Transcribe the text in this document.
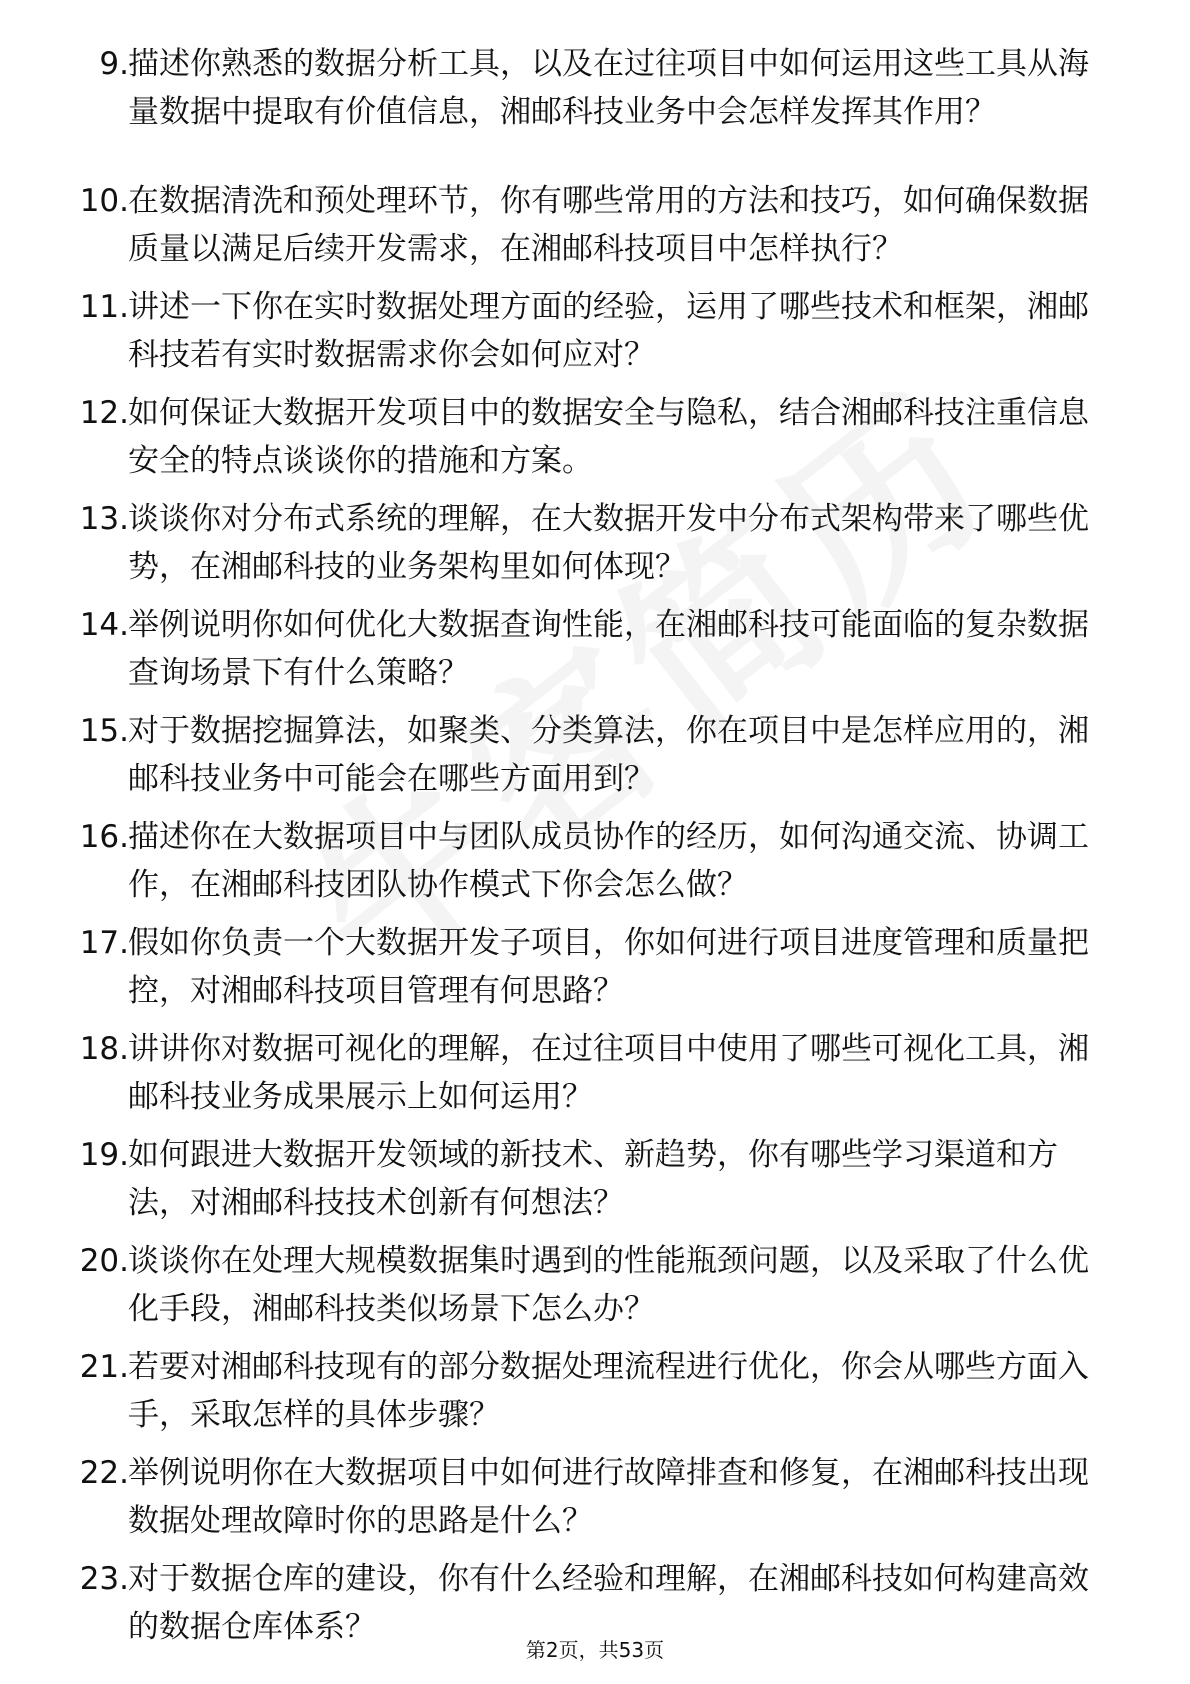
9. 描述你熟悉的数据分析工具，以及在过往项目中如何运用这些工具从海量数据中提取有价值信息，湘邮科技业务中会怎样发挥其作用？
10. 在数据清洗和预处理环节，你有哪些常用的方法和技巧，如何确保数据质量以满足后续开发需求，在湘邮科技项目中怎样执行？
11. 讲述一下你在实时数据处理方面的经验，运用了哪些技术和框架，湘邮科技若有实时数据需求你会如何应对？
12. 如何保证大数据开发项目中的数据安全与隐私，结合湘邮科技注重信息安全的特点谈谈你的措施和方案。
13. 谈谈你对分布式系统的理解，在大数据开发中分布式架构带来了哪些优势，在湘邮科技的业务架构里如何体现？
14. 举例说明你如何优化大数据查询性能，在湘邮科技可能面临的复杂数据查询场景下有什么策略？
15. 对于数据挖掘算法，如聚类、分类算法，你在项目中是怎样应用的，湘邮科技业务中可能会在哪些方面用到？
16. 描述你在大数据项目中与团队成员协作的经历，如何沟通交流、协调工作，在湘邮科技团队协作模式下你会怎么做？
17. 假如你负责一个大数据开发子项目，你如何进行项目进度管理和质量把控，对湘邮科技项目管理有何思路？
18. 讲讲你对数据可视化的理解，在过往项目中使用了哪些可视化工具，湘邮科技业务成果展示上如何运用？
19. 如何跟进大数据开发领域的新技术、新趋势，你有哪些学习渠道和方法，对湘邮科技技术创新有何想法？
20. 谈谈你在处理大规模数据集时遇到的性能瓶颈问题，以及采取了什么优化手段，湘邮科技类似场景下怎么办？
21. 若要对湘邮科技现有的部分数据处理流程进行优化，你会从哪些方面入手，采取怎样的具体步骤？
22. 举例说明你在大数据项目中如何进行故障排查和修复，在湘邮科技出现数据处理故障时你的思路是什么？
23. 对于数据仓库的建设，你有什么经验和理解，在湘邮科技如何构建高效的数据仓库体系？
第2页，共53页
